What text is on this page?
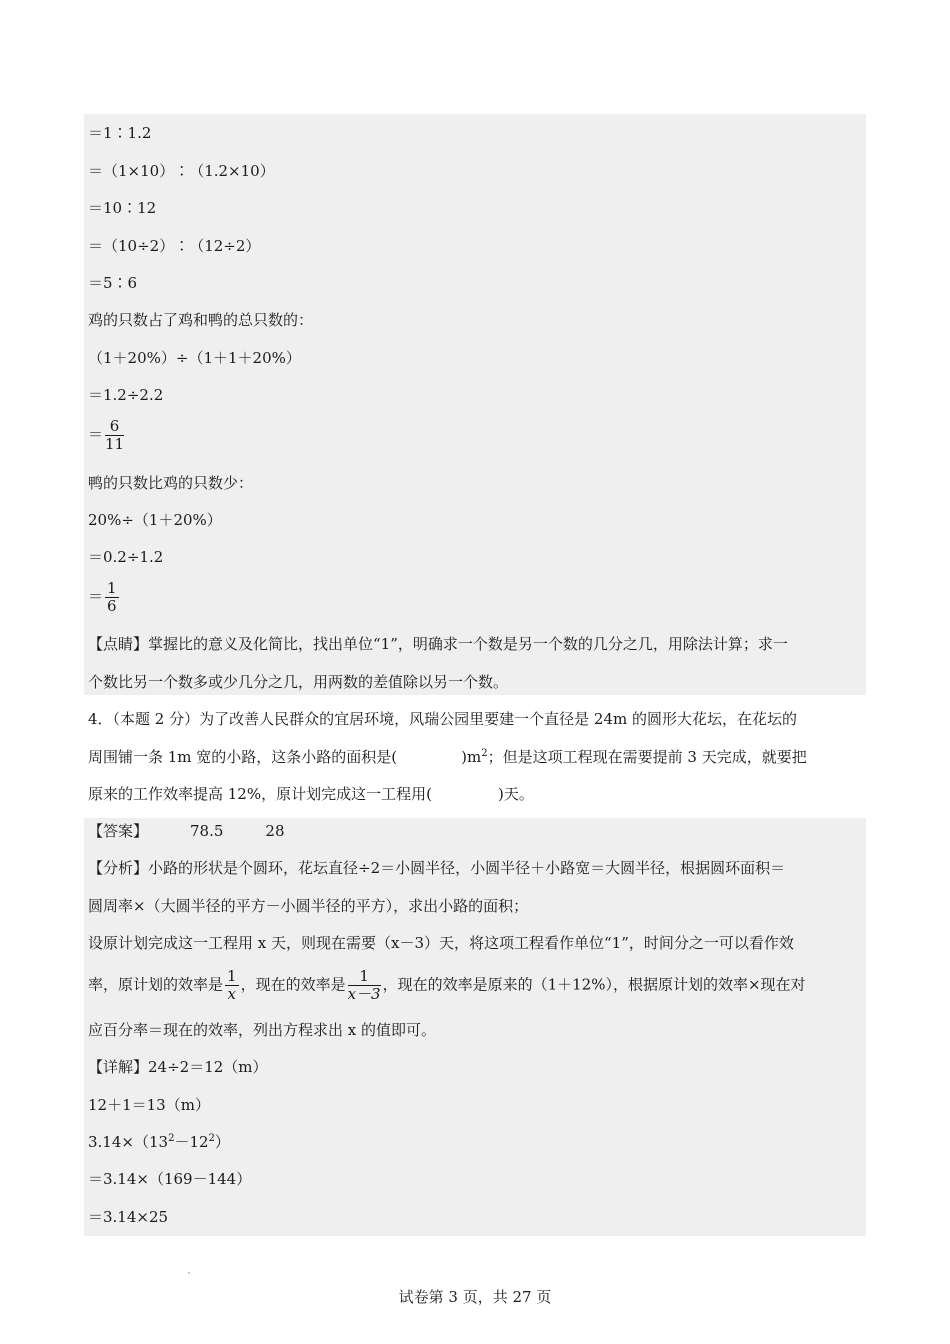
＝1∶1.2
＝（1×10）∶（1.2×10）
＝10∶12
＝（10÷2）∶（12÷2）
＝5∶6
鸡的只数占了鸡和鸭的总只数的：
（1＋20%）÷（1＋1＋20%）
＝1.2÷2.2
＝ $\frac{6}{11}$
鸭的只数比鸡的只数少：
20%÷（1＋20%）
＝0.2÷1.2
＝ $\frac{1}{6}$
【点睛】掌握比的意义及化简比，找出单位“1”，明确求一个数是另一个数的几分之几，用除法计算；求一
个数比另一个数多或少几分之几，用两数的差值除以另一个数。
4．（本题 2 分）为了改善人民群众的宜居环境，风瑞公园里要建一个直径是 24m 的圆形大花坛，在花坛的
周围铺一条 1m 宽的小路，这条小路的面积是(	)$m^2$；但是这项工程现在需要提前 3 天完成，就要把
原来的工作效率提高 12%，原计划完成这一工程用(	)天。
【答案】	78.5	28
【分析】小路的形状是个圆环，花坛直径÷2＝小圆半径，小圆半径＋小路宽＝大圆半径，根据圆环面积＝
圆周率×（大圆半径的平方－小圆半径的平方），求出小路的面积；
设原计划完成这一工程用 x 天，则现在需要（x－3）天，将这项工程看作单位“1”，时间分之一可以看作效
率，原计划的效率是 $\frac{1}{x}$ ，现在的效率是 $\frac{1}{x-3}$ ，现在的效率是原来的（1＋12%），根据原计划的效率×现在对
应百分率＝现在的效率，列出方程求出 x 的值即可。
【详解】24÷2＝12（m）
12＋1＝13（m）
$3.14\times(13^2-12^2)$
＝3.14×（169－144）
＝3.14×25
试卷第 3 页，共 27 页
